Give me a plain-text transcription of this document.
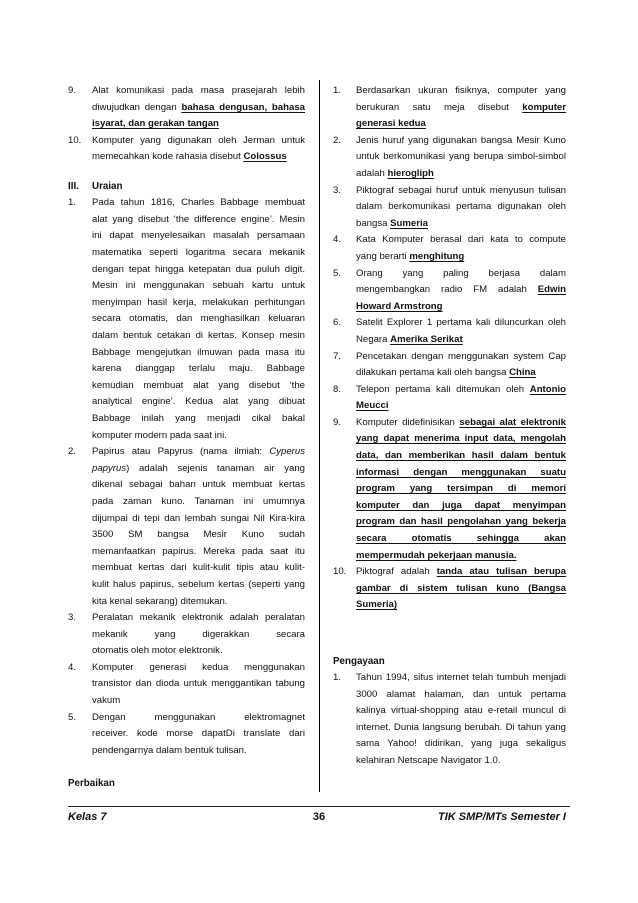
9.	Alat komunikasi pada masa prasejarah lebih
diwujudkan dengan bahasa dengusan, bahasa
isyarat, dan gerakan tangan
10.	Komputer yang digunakan oleh Jerman untuk
memecahkan kode rahasia disebut Colossus
III.	Uraian
1.	Pada tahun 1816, Charles Babbage membuat
alat yang disebut ‘the difference engine’. Mesin
ini dapat menyelesaikan masalah persamaan
matematika seperti logaritma secara mekanik
dengan tepat hingga ketepatan dua puluh digit.
Mesin ini menggunakan sebuah kartu untuk
menyimpan hasil kerja, melakukan perhitungan
secara otomatis, dan menghasilkan keluaran
dalam bentuk cetakan di kertas. Konsep mesin
Babbage mengejutkan ilmuwan pada masa itu
karena dianggap terlalu maju. Babbage
kemudian membuat alat yang disebut ‘the
analytical engine’. Kedua alat yang dibuat
Babbage inilah yang menjadi cikal bakal
komputer modern pada saat ini.
2.	Papirus atau Papyrus (nama ilmiah: Cyperus
papyrus) adalah sejenis tanaman air yang
dikenal sebagai bahan untuk membuat kertas
pada zaman kuno. Tanaman ini umumnya
dijumpai di tepi dan lembah sungai Nil Kira-kira
3500 SM bangsa Mesir Kuno sudah
memanfaatkan papirus. Mereka pada saat itu
membuat kertas dari kulit-kulit tipis atau kulit-
kulit halus papirus, sebelum kertas (seperti yang
kita kenal sekarang) ditemukan.
3.	Peralatan mekanik elektronik adalah peralatan
mekanik yang digerakkan secara
otomatis oleh motor elektronik.
4.	Komputer generasi kedua menggunakan
transistor dan dioda untuk menggantikan tabung
vakum
5.	Dengan menggunakan elektromagnet
receiver. kode morse dapatDi translate dari
pendengarnya dalam bentuk tulisan.
Perbaikan
1.	Berdasarkan ukuran fisiknya, computer yang
berukuran satu meja disebut komputer
generasi kedua
2.	Jenis huruf yang digunakan bangsa Mesir Kuno
untuk berkomunikasi yang berupa simbol-simbol
adalah hierogliph
3.	Piktograf sebagai huruf untuk menyusun tulisan
dalam berkomunikasi pertama digunakan oleh
bangsa Sumeria
4.	Kata Komputer berasal dari kata to compute
yang berarti menghitung
5.	Orang yang paling berjasa dalam
mengembangkan radio FM adalah Edwin
Howard Armstrong
6.	Satelit Explorer 1 pertama kali diluncurkan oleh
Negara Amerika Serikat
7.	Pencetakan dengan menggunakan system Cap
dilakukan pertama kali oleh bangsa China
8.	Telepon pertama kali ditemukan oleh Antonio
Meucci
9.	Komputer didefinisikan sebagai alat elektronik
yang dapat menerima input data, mengolah
data, dan memberikan hasil dalam bentuk
informasi dengan menggunakan suatu
program yang tersimpan di memori
komputer dan juga dapat menyimpan
program dan hasil pengolahan yang bekerja
secara otomatis sehingga akan
mempermudah pekerjaan manusia.
10.	Piktograf adalah tanda atau tulisan berupa
gambar di sistem tulisan kuno (Bangsa
Sumeria)
Pengayaan
1.	Tahun 1994, situs internet telah tumbuh menjadi
3000 alamat halaman, dan untuk pertama
kalinya virtual-shopping atau e-retail muncul di
internet. Dunia langsung berubah. Di tahun yang
sama Yahoo! didirikan, yang juga sekaligus
kelahiran Netscape Navigator 1.0.
Kelas 7	36	TIK SMP/MTs Semester I
